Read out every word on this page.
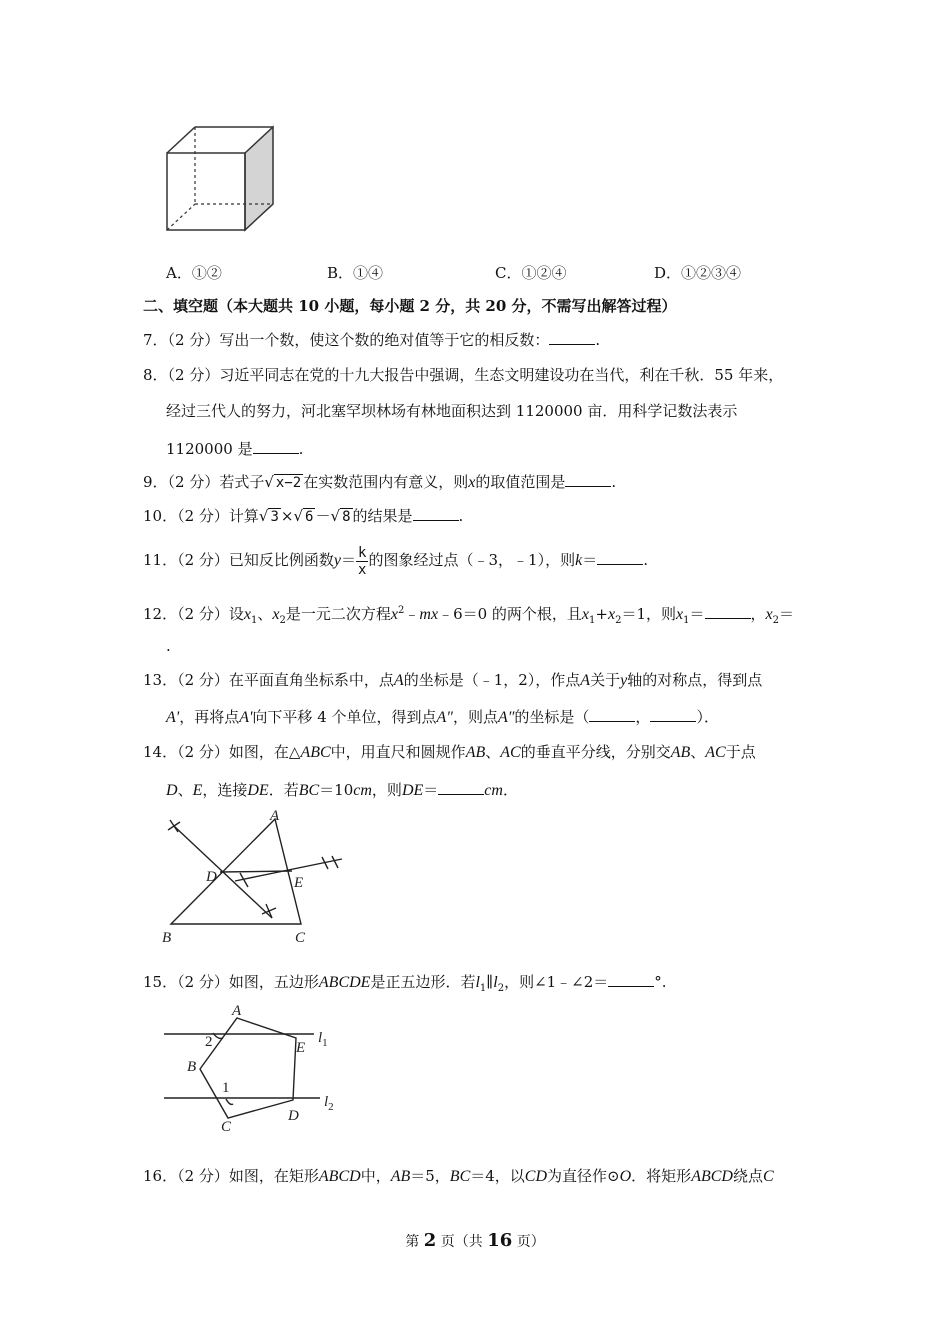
A．①②	B．①④	C．①②④	D．①②③④
二、填空题（本大题共 10 小题，每小题 2 分，共 20 分，不需写出解答过程）
7．（2 分）写出一个数，使这个数的绝对值等于它的相反数：	.
8．（2 分）习近平同志在党的十九大报告中强调，生态文明建设功在当代，利在千秋．55 年来，
经过三代人的努力，河北塞罕坝林场有林地面积达到 1120000 亩．用科学记数法表示
1120000 是	.
9．（2 分）若式子√ x−2 在实数范围内有意义，则x的取值范围是	.
10．（2 分）计算√ 3 ×√ 6 －√ 8 的结果是	.
11．（2 分）已知反比例函数$y= \frac{k}{x}$ 的图象经过点（﹣3，﹣1），则k＝	.
12．（2 分）设$x_1$、$x_2$是一元二次方程$x^2﹣mx﹣6=0$ 的两个根，且$x_1+x_2=1$，则$x_1=$	，$x_2=$
.
13．（2 分）在平面直角坐标系中，点A的坐标是（﹣1，2），作点A关于y轴的对称点，得到点
A'，再将点A'向下平移 4 个单位，得到点A″，则点A″的坐标是（	，	）．
14．（2 分）如图，在△ABC中，用直尺和圆规作AB、AC的垂直平分线，分别交AB、AC于点
D、E，连接DE．若BC＝10cm，则DE＝	cm．
A
B	C
D	E
15．（2 分）如图，五边形ABCDE是正五边形．若$l_1\parallel l_2$，则∠1﹣∠2＝	°.
A
B
C
D
E
1
2	$l_1$
$l_2$
16．（2 分）如图，在矩形ABCD中，AB＝5，BC＝4，以CD为直径作⊙O．将矩形ABCD绕点C
第 2 页（共 16 页）
